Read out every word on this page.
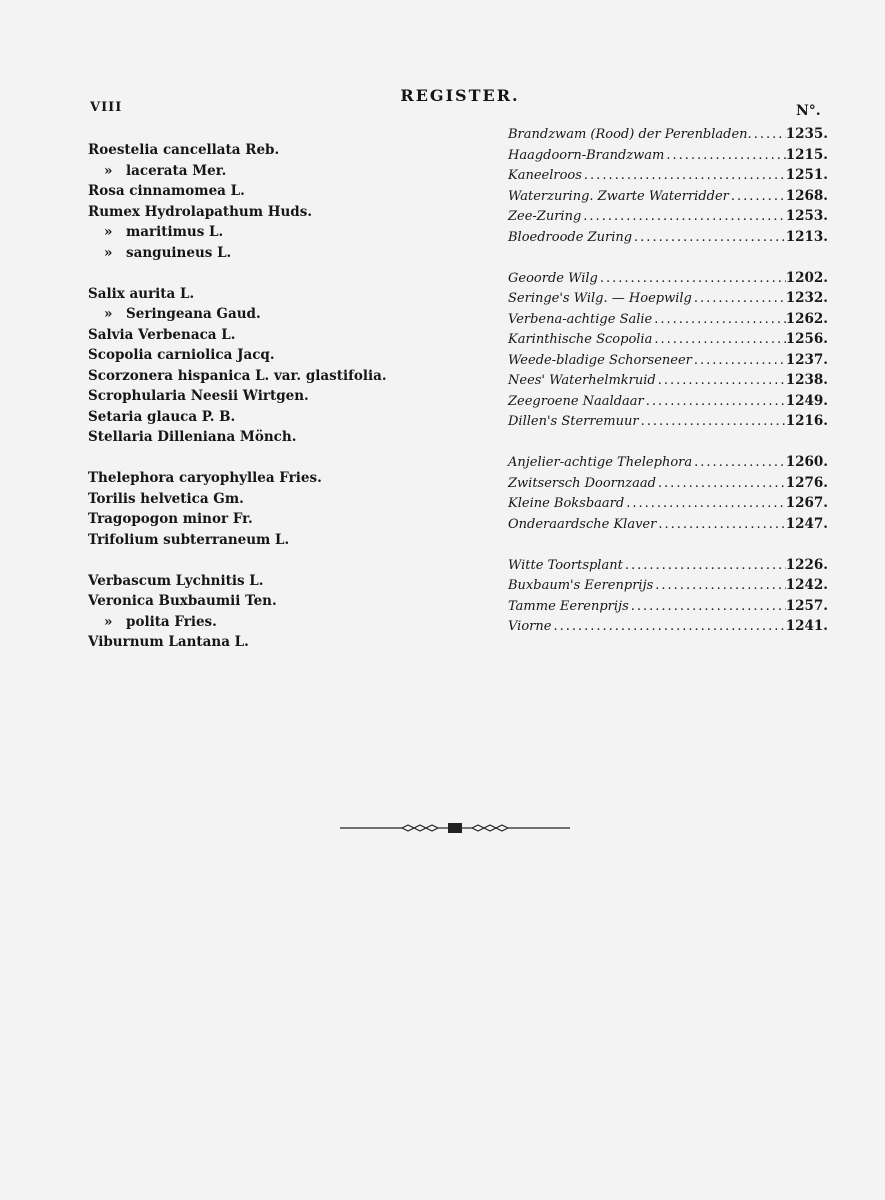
VIII
REGISTER.
N°.
Roestelia cancellata Reb.
» lacerata Mer.
Rosa cinnamomea L.
Rumex Hydrolapathum Huds.
» maritimus L.
» sanguineus L.
Salix aurita L.
» Seringeana Gaud.
Salvia Verbenaca L.
Scopolia carniolica Jacq.
Scorzonera hispanica L. var. glastifolia.
Scrophularia Neesii Wirtgen.
Setaria glauca P. B.
Stellaria Dilleniana Mönch.
Thelephora caryophyllea Fries.
Torilis helvetica Gm.
Tragopogon minor Fr.
Trifolium subterraneum L.
Verbascum Lychnitis L.
Veronica Buxbaumii Ten.
» polita Fries.
Viburnum Lantana L.
Brandzwam (Rood) der Perenbladen. .....	1235.
Haagdoorn-Brandzwam .....	1215.
Kaneelroos .....	1251.
Waterzuring. Zwarte Waterridder .....	1268.
Zee-Zuring .....	1253.
Bloedroode Zuring .....	1213.
Geoorde Wilg .....	1202.
Seringe's Wilg. — Hoepwilg .....	1232.
Verbena-achtige Salie .....	1262.
Karinthische Scopolia .....	1256.
Weede-bladige Schorseneer .....	1237.
Nees' Waterhelmkruid .....	1238.
Zeegroene Naaldaar .....	1249.
Dillen's Sterremuur .....	1216.
Anjelier-achtige Thelephora .....	1260.
Zwitsersch Doornzaad .....	1276.
Kleine Boksbaard .....	1267.
Onderaardsche Klaver .....	1247.
Witte Toortsplant .....	1226.
Buxbaum's Eerenprijs .....	1242.
Tamme Eerenprijs .....	1257.
Viorne .....	1241.
